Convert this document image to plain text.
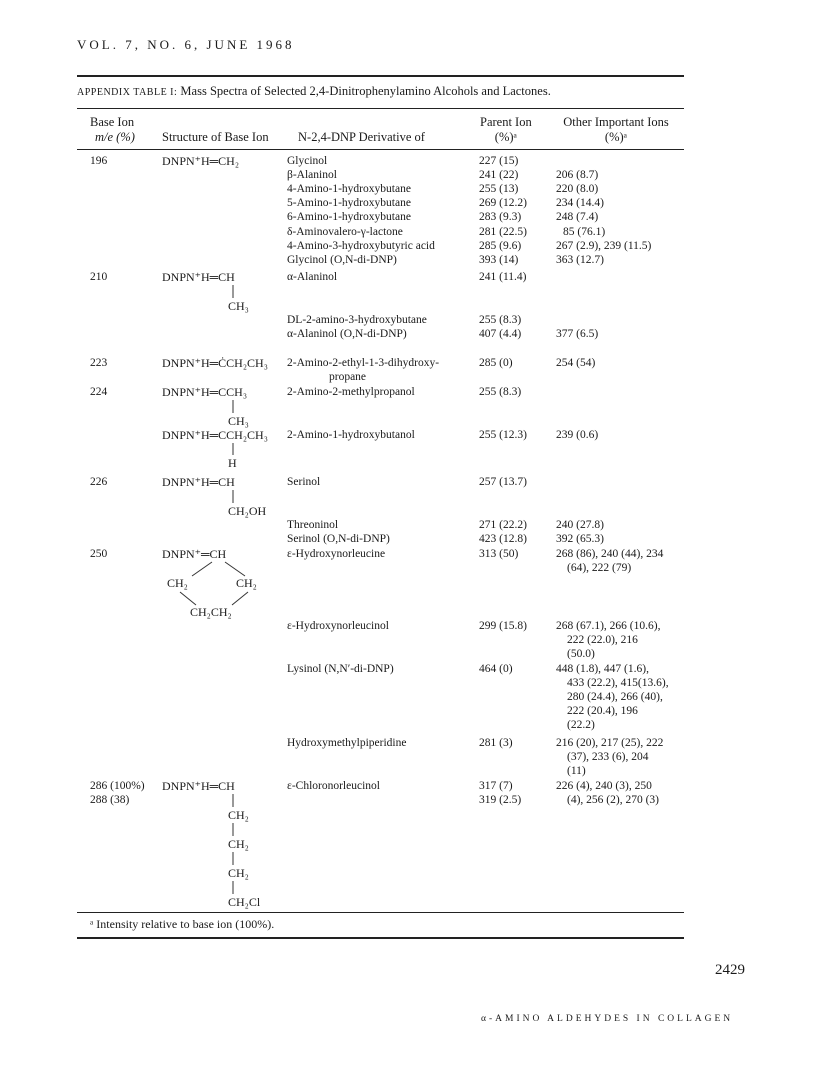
VOL. 7, NO. 6, JUNE 1968
APPENDIX TABLE I: Mass Spectra of Selected 2,4-Dinitrophenylamino Alcohols and Lactones.
Base Ion
m/e (%) Structure of Base Ion N-2,4-DNP Derivative of
Parent Ion
(%)ᵃ
Other Important Ions
(%)ᵃ
196
210
223
224
226
250
286 (100%)
288 (38)
DNPN⁺H═CH₂
DNPN⁺H═CH
CH₃
DNPN⁺H═ĊCH₂CH₃
DNPN⁺H═CCH₃
CH₃
DNPN⁺H═CCH₂CH₃
H
DNPN⁺H═CH
CH₂OH
DNPN⁺═CH
CH₂	CH₂
CH₂CH₂
DNPN⁺H═CH
CH₂
CH₂
CH₂
CH₂Cl
Glycinol
β-Alaninol
4-Amino-1-hydroxybutane
5-Amino-1-hydroxybutane
6-Amino-1-hydroxybutane
δ-Aminovalero-γ-lactone
4-Amino-3-hydroxybutyric acid
Glycinol (O,N-di-DNP)
α-Alaninol
DL-2-amino-3-hydroxybutane
α-Alaninol (O,N-di-DNP)
2-Amino-2-ethyl-1-3-dihydroxy-
propane
2-Amino-2-methylpropanol
2-Amino-1-hydroxybutanol
Serinol
Threoninol
Serinol (O,N-di-DNP)
ε-Hydroxynorleucine
ε-Hydroxynorleucinol
Lysinol (N,N′-di-DNP)
Hydroxymethylpiperidine
ε-Chloronorleucinol
227 (15)
241 (22)
255 (13)
269 (12.2)
283 (9.3)
281 (22.5)
285 (9.6)
393 (14)
241 (11.4)
255 (8.3)
407 (4.4)
285 (0)
255 (8.3)
255 (12.3)
257 (13.7)
271 (22.2)
423 (12.8)
313 (50)
299 (15.8)
464 (0)
281 (3)
317 (7)
319 (2.5)
206 (8.7)
220 (8.0)
234 (14.4)
248 (7.4)
85 (76.1)
267 (2.9), 239 (11.5)
363 (12.7)
377 (6.5)
254 (54)
239 (0.6)
240 (27.8)
392 (65.3)
268 (86), 240 (44), 234
(64), 222 (79)
268 (67.1), 266 (10.6),
222 (22.0), 216
(50.0)
448 (1.8), 447 (1.6),
433 (22.2), 415(13.6),
280 (24.4), 266 (40),
222 (20.4), 196
(22.2)
216 (20), 217 (25), 222
(37), 233 (6), 204
(11)
226 (4), 240 (3), 250
(4), 256 (2), 270 (3)
ᵃ Intensity relative to base ion (100%).
2429
α-AMINO ALDEHYDES IN COLLAGEN
